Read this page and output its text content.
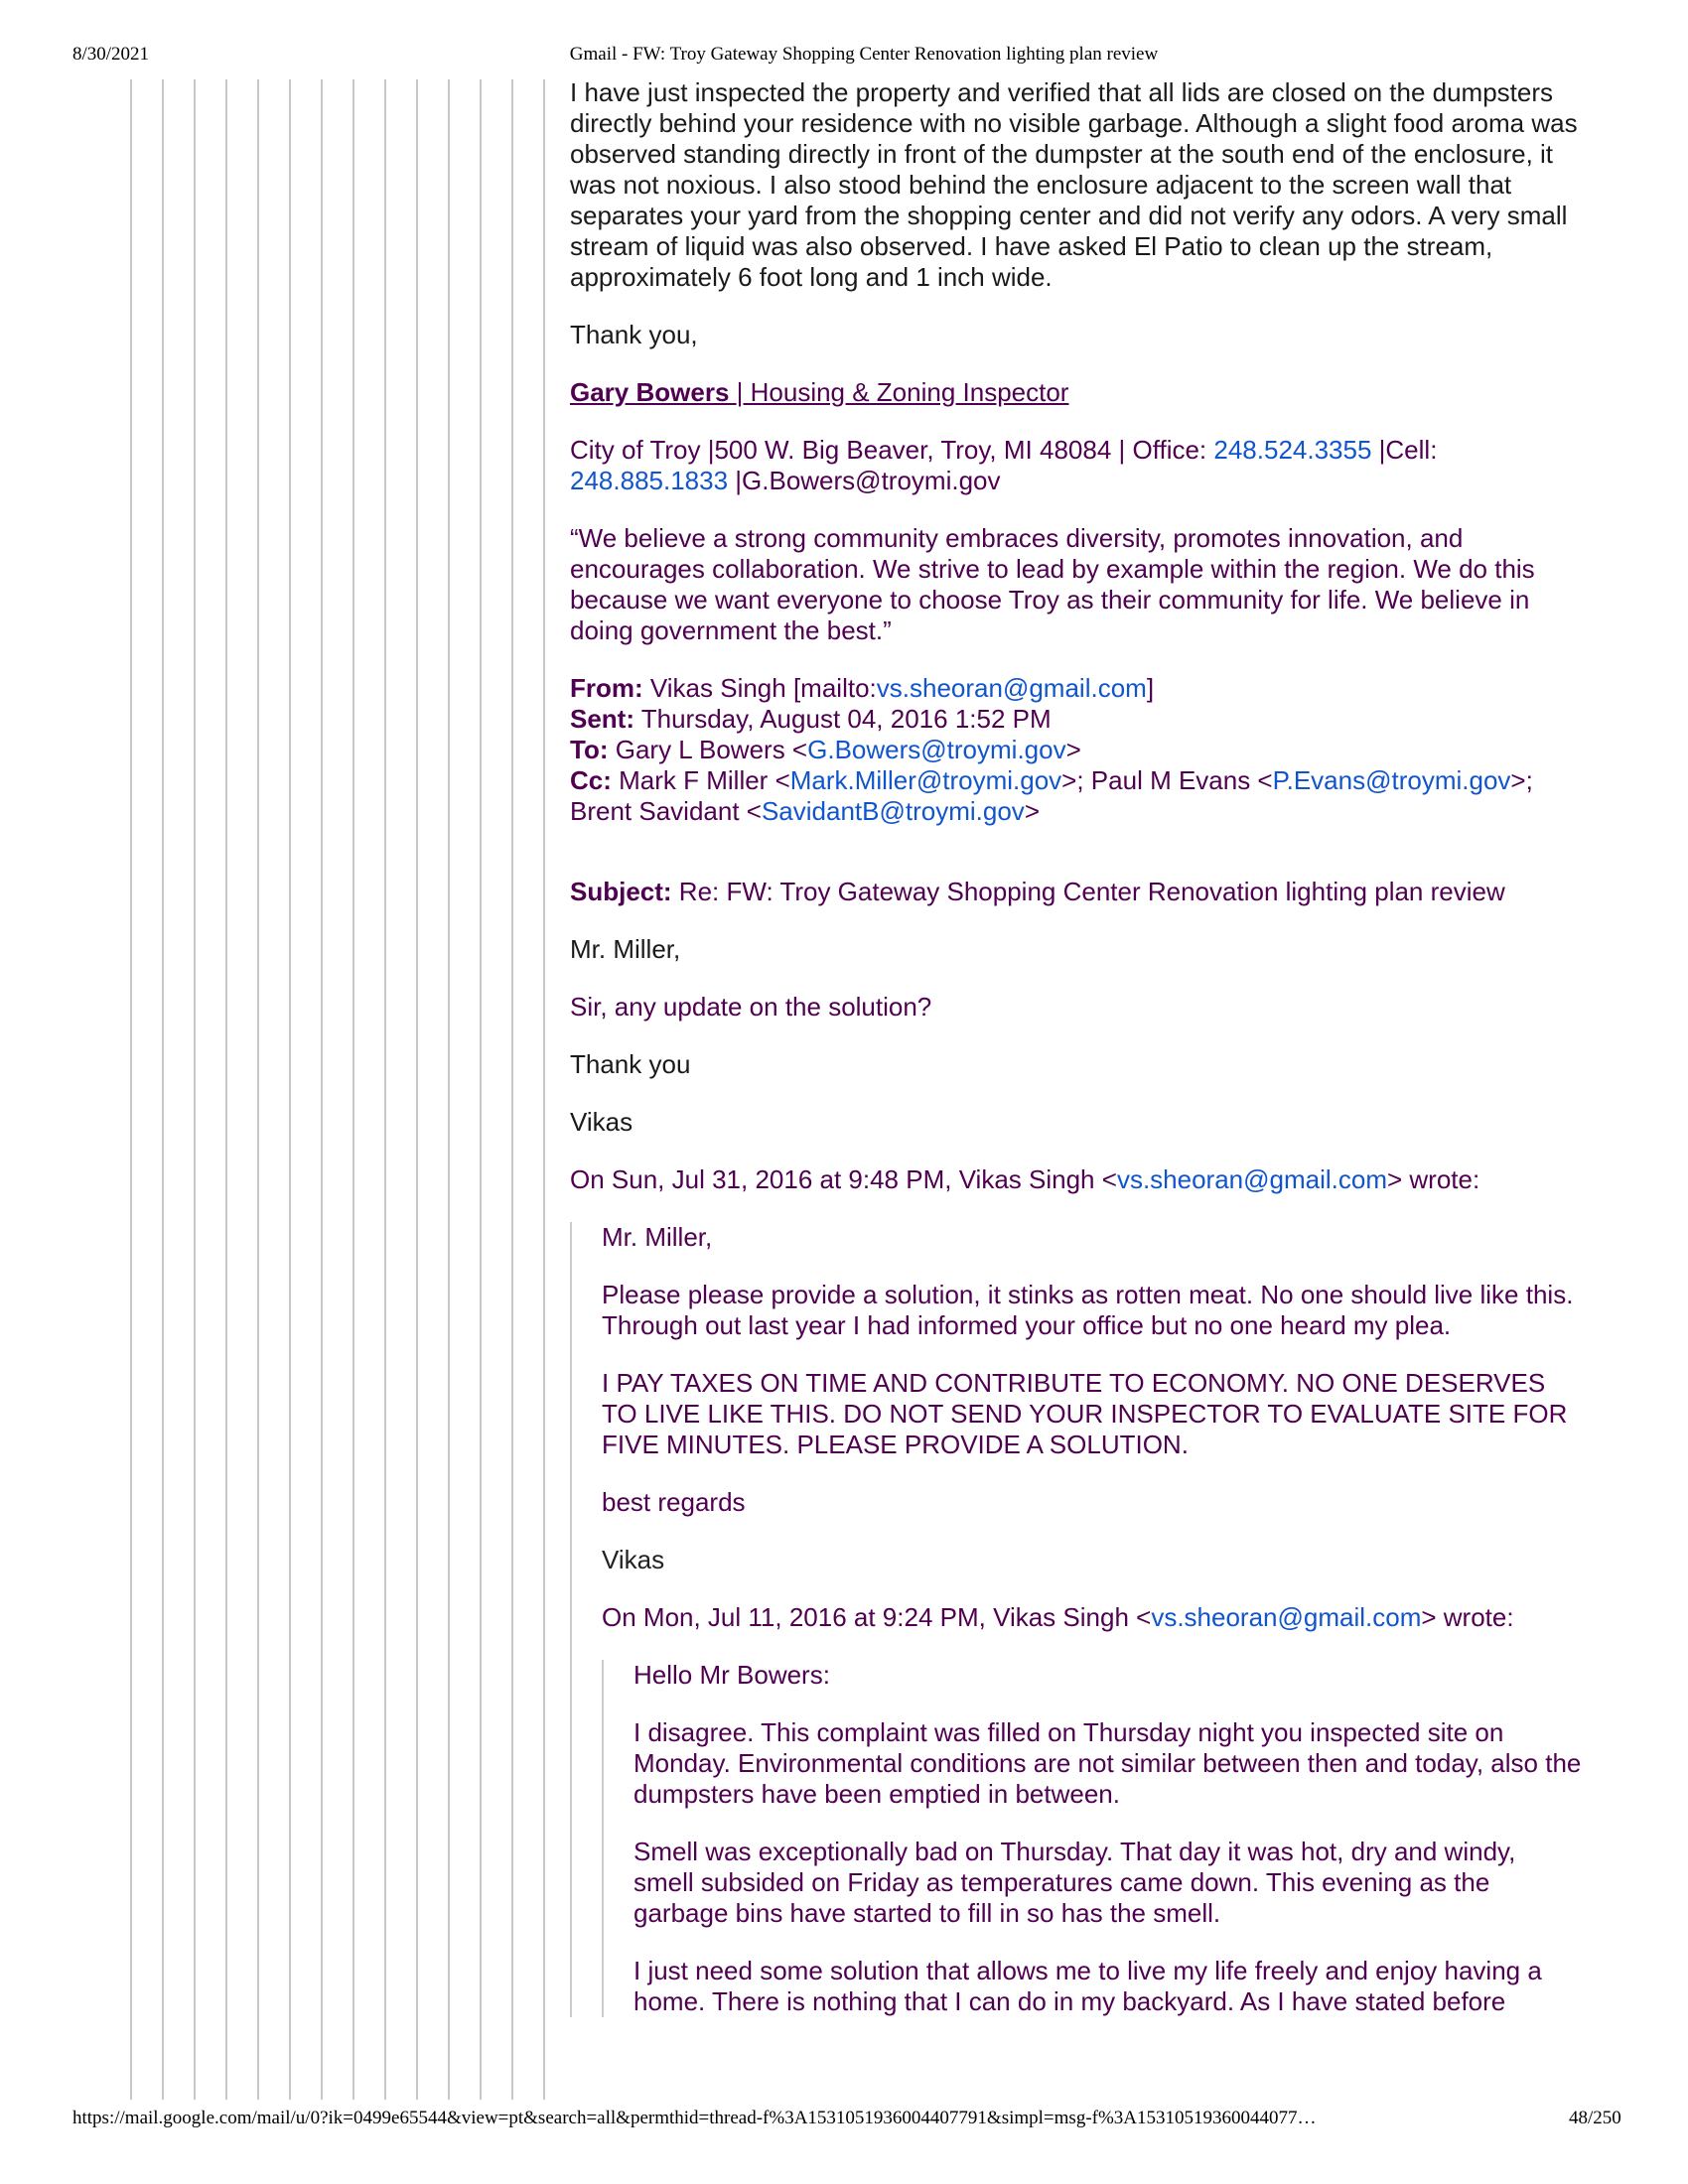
8/30/2021	Gmail - FW: Troy Gateway Shopping Center Renovation lighting plan review
https://mail.google.com/mail/u/0?ik=0499e65544&view=pt&search=all&permthid=thread-f%3A1531051936004407791&simpl=msg-f%3A15310519360044077…	48/250

I have just inspected the property and verified that all lids are closed on the dumpsters directly behind your residence with no visible garbage. Although a slight food aroma was observed standing directly in front of the dumpster at the south end of the enclosure, it was not noxious. I also stood behind the enclosure adjacent to the screen wall that separates your yard from the shopping center and did not verify any odors. A very small stream of liquid was also observed. I have asked El Patio to clean up the stream, approximately 6 foot long and 1 inch wide.

Thank you,

Gary Bowers | Housing & Zoning Inspector

City of Troy |500 W. Big Beaver, Troy, MI 48084 | Office: 248.524.3355 |Cell:
248.885.1833 |G.Bowers@troymi.gov

“We believe a strong community embraces diversity, promotes innovation, and encourages collaboration. We strive to lead by example within the region. We do this because we want everyone to choose Troy as their community for life. We believe in doing government the best.”

From: Vikas Singh [mailto:vs.sheoran@gmail.com]
Sent: Thursday, August 04, 2016 1:52 PM
To: Gary L Bowers <G.Bowers@troymi.gov>
Cc: Mark F Miller <Mark.Miller@troymi.gov>; Paul M Evans <P.Evans@troymi.gov>; Brent Savidant <SavidantB@troymi.gov>

Subject: Re: FW: Troy Gateway Shopping Center Renovation lighting plan review

Mr. Miller,

Sir, any update on the solution?

Thank you

Vikas

On Sun, Jul 31, 2016 at 9:48 PM, Vikas Singh <vs.sheoran@gmail.com> wrote:

Mr. Miller,

Please please provide a solution, it stinks as rotten meat. No one should live like this. Through out last year I had informed your office but no one heard my plea.

I PAY TAXES ON TIME AND CONTRIBUTE TO ECONOMY. NO ONE DESERVES TO LIVE LIKE THIS. DO NOT SEND YOUR INSPECTOR TO EVALUATE SITE FOR FIVE MINUTES. PLEASE PROVIDE A SOLUTION.

best regards

Vikas

On Mon, Jul 11, 2016 at 9:24 PM, Vikas Singh <vs.sheoran@gmail.com> wrote:

Hello Mr Bowers:

I disagree. This complaint was filled on Thursday night you inspected site on Monday. Environmental conditions are not similar between then and today, also the dumpsters have been emptied in between.

Smell was exceptionally bad on Thursday. That day it was hot, dry and windy, smell subsided on Friday as temperatures came down. This evening as the garbage bins have started to fill in so has the smell.

I just need some solution that allows me to live my life freely and enjoy having a home. There is nothing that I can do in my backyard. As I have stated before
